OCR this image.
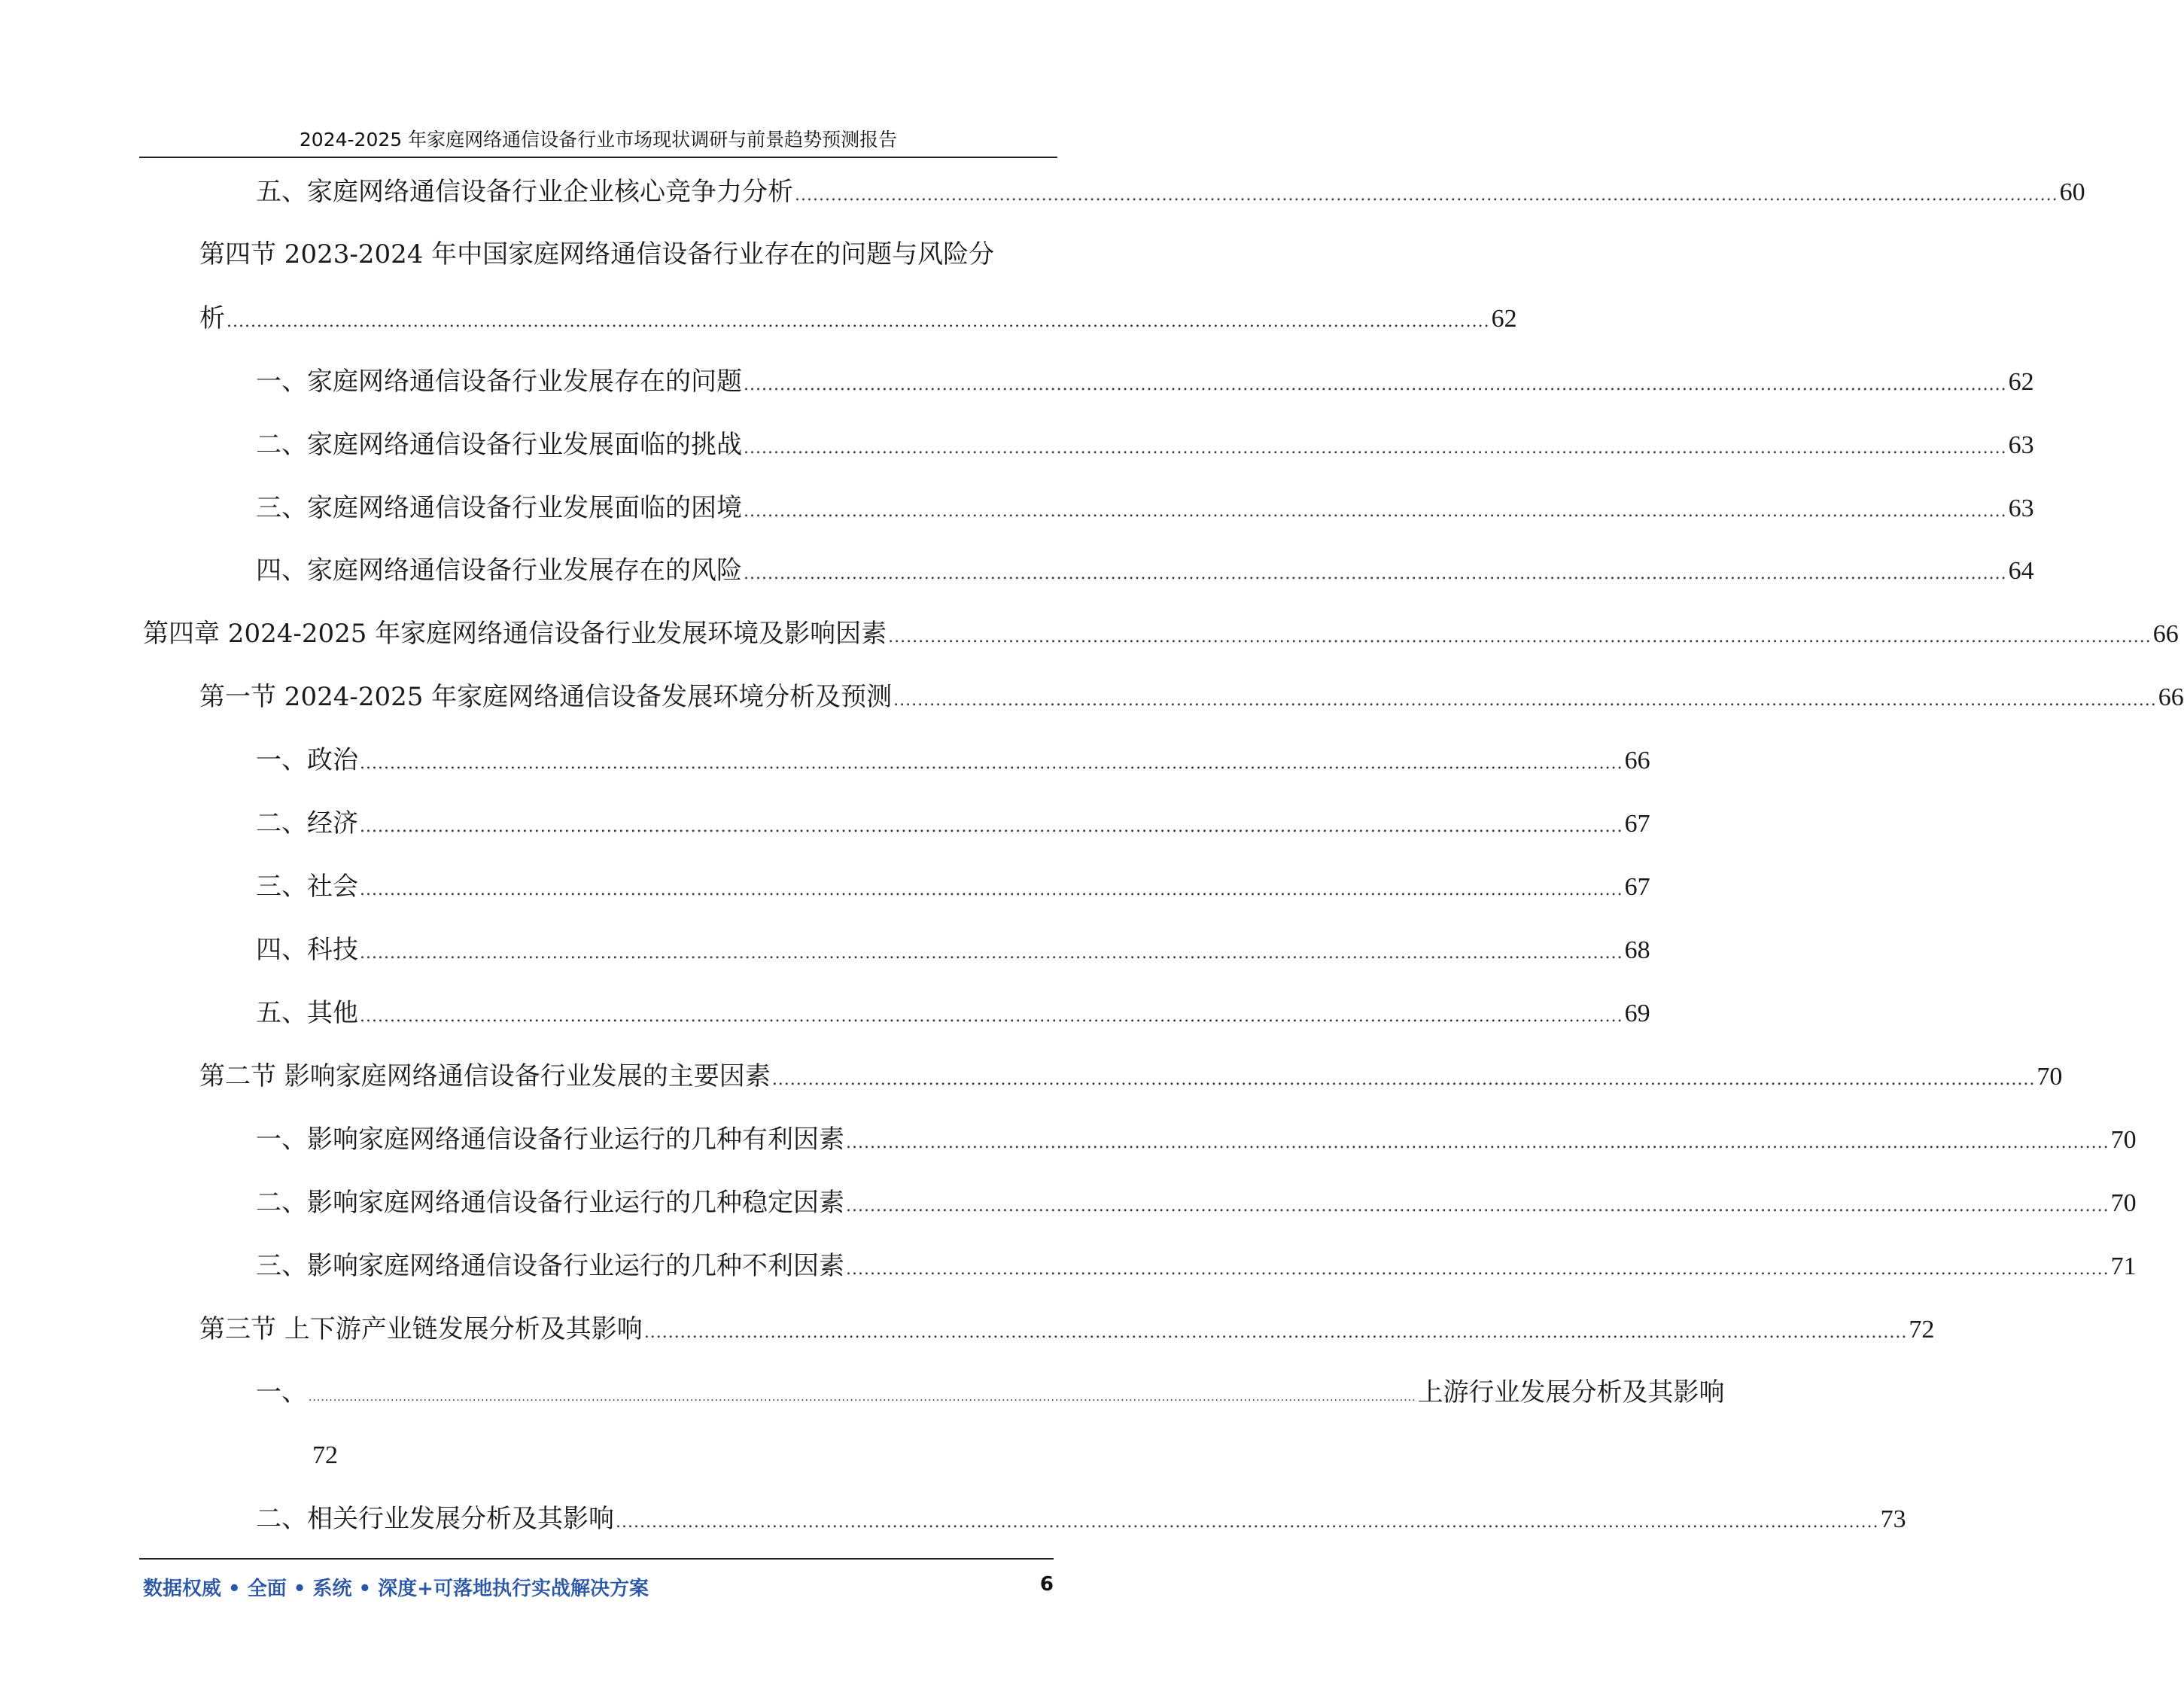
2024-2025 年家庭网络通信设备行业市场现状调研与前景趋势预测报告
五、家庭网络通信设备行业企业核心竞争力分析 .................................................................................................................................................................................................................. 60
第四节 2023-2024 年中国家庭网络通信设备行业存在的问题与风险分
析 .................................................................................................................................................................................................................. 62
一、家庭网络通信设备行业发展存在的问题 .................................................................................................................................................................................................................. 62
二、家庭网络通信设备行业发展面临的挑战 .................................................................................................................................................................................................................. 63
三、家庭网络通信设备行业发展面临的困境 .................................................................................................................................................................................................................. 63
四、家庭网络通信设备行业发展存在的风险 .................................................................................................................................................................................................................. 64
第四章 2024-2025 年家庭网络通信设备行业发展环境及影响因素 .................................................................................................................................................................................................................. 66
第一节 2024-2025 年家庭网络通信设备发展环境分析及预测 .................................................................................................................................................................................................................. 66
一、政治 .................................................................................................................................................................................................................. 66
二、经济 .................................................................................................................................................................................................................. 67
三、社会 .................................................................................................................................................................................................................. 67
四、科技 .................................................................................................................................................................................................................. 68
五、其他 .................................................................................................................................................................................................................. 69
第二节 影响家庭网络通信设备行业发展的主要因素 .................................................................................................................................................................................................................. 70
一、影响家庭网络通信设备行业运行的几种有利因素 .................................................................................................................................................................................................................. 70
二、影响家庭网络通信设备行业运行的几种稳定因素 .................................................................................................................................................................................................................. 70
三、影响家庭网络通信设备行业运行的几种不利因素 .................................................................................................................................................................................................................. 71
第三节 上下游产业链发展分析及其影响 .................................................................................................................................................................................................................. 72
一、 .............................................................................................................................................................................................................................................................................. 上游行业发展分析及其影响
72
二、相关行业发展分析及其影响 .................................................................................................................................................................................................................. 73
数据权威 • 全面 • 系统 • 深度+可落地执行实战解决方案	6
